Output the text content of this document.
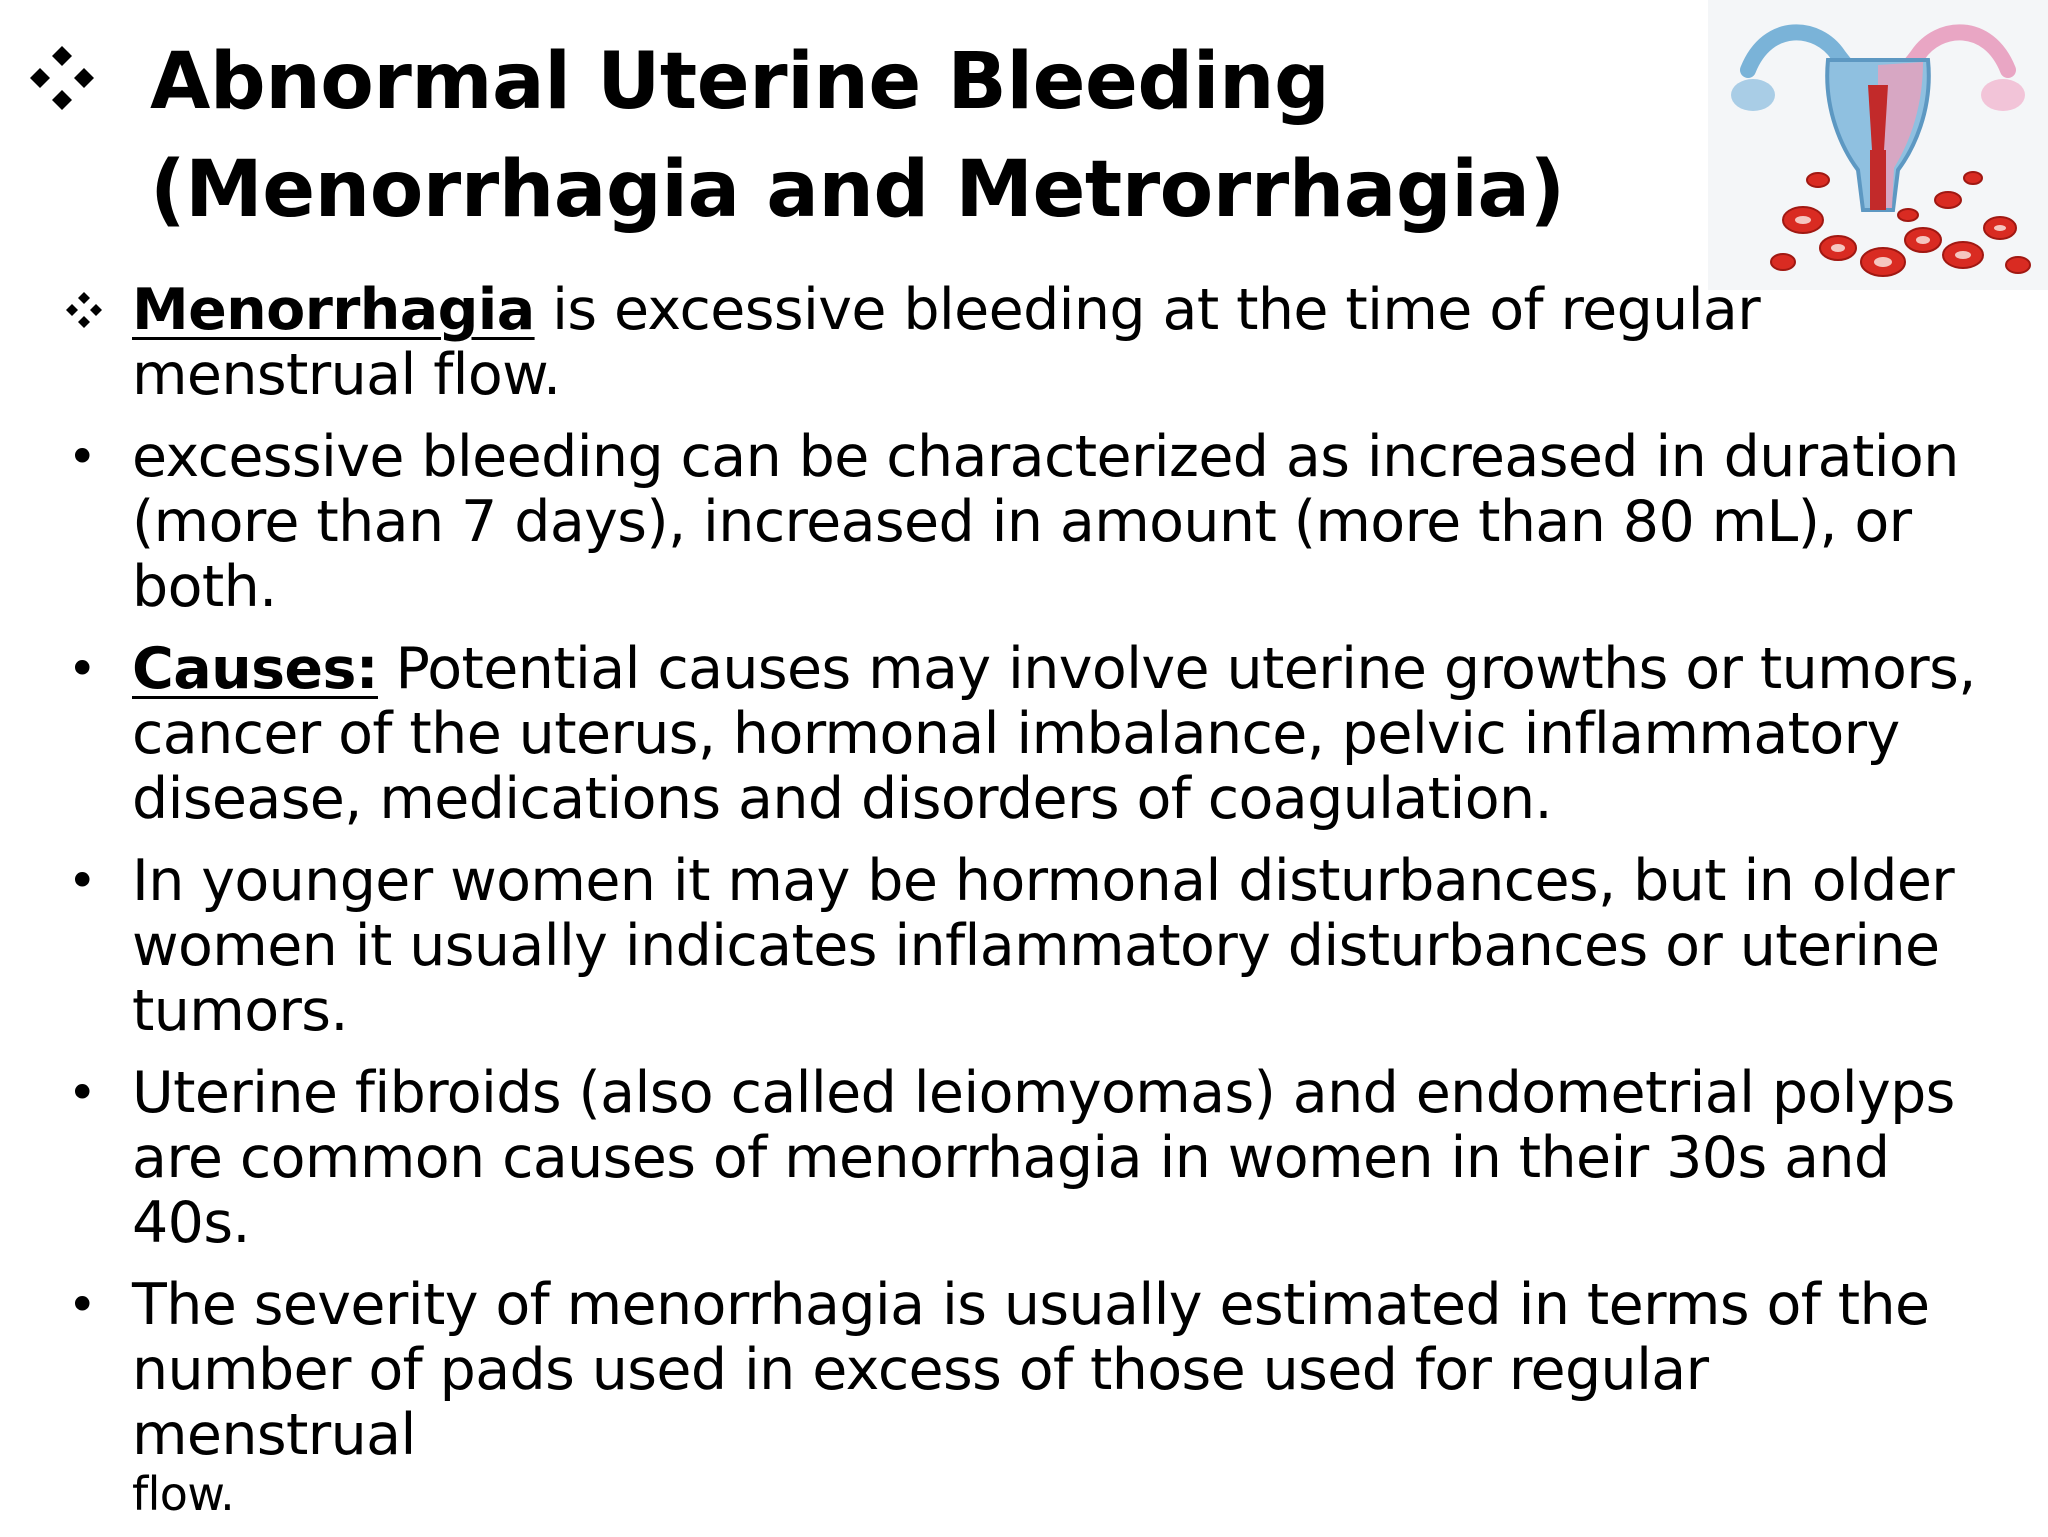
Abnormal Uterine Bleeding
(Menorrhagia and Metrorrhagia)

Menorrhagia is excessive bleeding at the time of regular menstrual flow.

• excessive bleeding can be characterized as increased in duration (more than 7 days), increased in amount (more than 80 mL), or both.

• Causes: Potential causes may involve uterine growths or tumors, cancer of the uterus, hormonal imbalance, pelvic inflammatory disease, medications and disorders of coagulation.

• In younger women it may be hormonal disturbances, but in older women it usually indicates inflammatory disturbances or uterine tumors.

• Uterine fibroids (also called leiomyomas) and endometrial polyps are common causes of menorrhagia in women in their 30s and 40s.

• The severity of menorrhagia is usually estimated in terms of the number of pads used in excess of those used for regular menstrual
flow.
